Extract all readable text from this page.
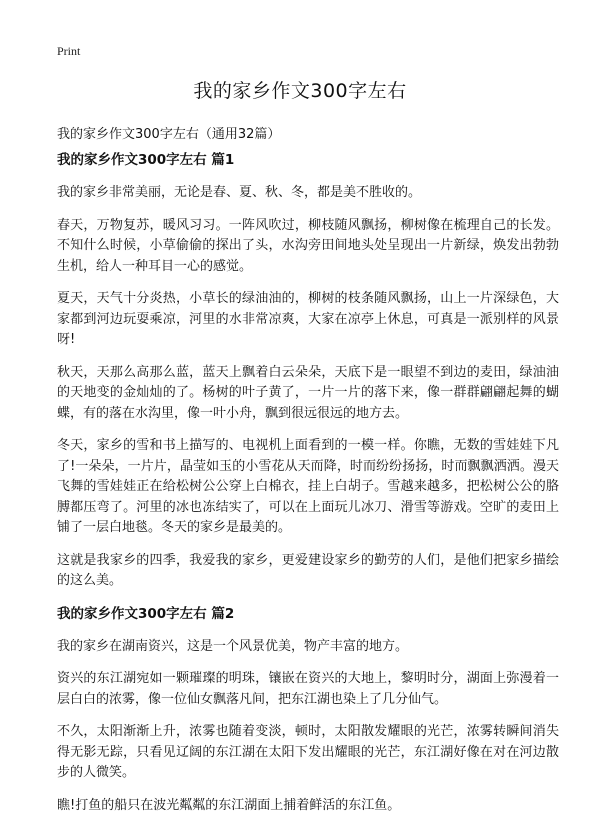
Print
我的家乡作文300字左右

我的家乡作文300字左右（通用32篇）

我的家乡作文300字左右 篇1

我的家乡非常美丽，无论是春、夏、秋、冬，都是美不胜收的。

春天，万物复苏，暖风习习。一阵风吹过，柳枝随风飘扬，柳树像在梳理自己的长发。不知什么时候，小草偷偷的探出了头，水沟旁田间地头处呈现出一片新绿，焕发出勃勃生机，给人一种耳目一心的感觉。

夏天，天气十分炎热，小草长的绿油油的，柳树的枝条随风飘扬，山上一片深绿色，大家都到河边玩耍乘凉，河里的水非常凉爽，大家在凉亭上休息，可真是一派别样的风景呀!

秋天，天那么高那么蓝，蓝天上飘着白云朵朵，天底下是一眼望不到边的麦田，绿油油的天地变的金灿灿的了。杨树的叶子黄了，一片一片的落下来，像一群群翩翩起舞的蝴蝶，有的落在水沟里，像一叶小舟，飘到很远很远的地方去。

冬天，家乡的雪和书上描写的、电视机上面看到的一模一样。你瞧，无数的雪娃娃下凡了!一朵朵，一片片，晶莹如玉的小雪花从天而降，时而纷纷扬扬，时而飘飘洒洒。漫天飞舞的雪娃娃正在给松树公公穿上白棉衣，挂上白胡子。雪越来越多，把松树公公的胳膊都压弯了。河里的冰也冻结实了，可以在上面玩儿冰刀、滑雪等游戏。空旷的麦田上铺了一层白地毯。冬天的家乡是最美的。

这就是我家乡的四季，我爱我的家乡，更爱建设家乡的勤劳的人们，是他们把家乡描绘的这么美。

我的家乡作文300字左右 篇2

我的家乡在湖南资兴，这是一个风景优美，物产丰富的地方。

资兴的东江湖宛如一颗璀璨的明珠，镶嵌在资兴的大地上，黎明时分，湖面上弥漫着一层白白的浓雾，像一位仙女飘落凡间，把东江湖也染上了几分仙气。

不久，太阳渐渐上升，浓雾也随着变淡，顿时，太阳散发耀眼的光芒，浓雾转瞬间消失得无影无踪，只看见辽阔的东江湖在太阳下发出耀眼的光芒，东江湖好像在对在河边散步的人微笑。

瞧!打鱼的船只在波光粼粼的东江湖面上捕着鲜活的东江鱼。
